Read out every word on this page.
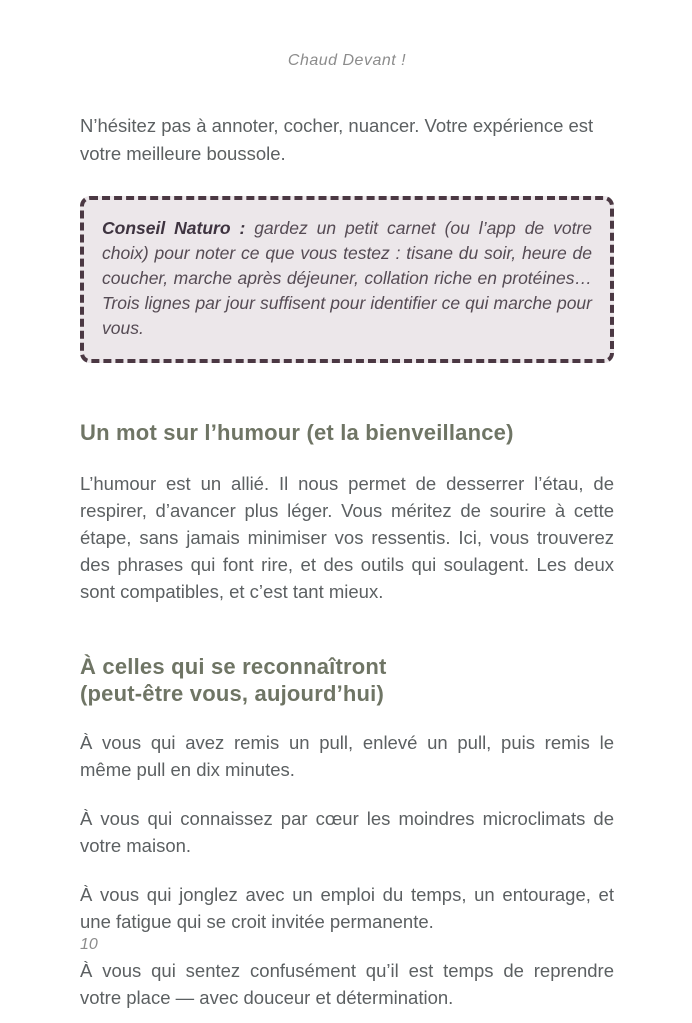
Chaud Devant !

N’hésitez pas à annoter, cocher, nuancer. Votre expérience est votre meilleure boussole.

Conseil Naturo : gardez un petit carnet (ou l’app de votre choix) pour noter ce que vous testez : tisane du soir, heure de coucher, marche après déjeuner, collation riche en protéines… Trois lignes par jour suffisent pour identifier ce qui marche pour vous.

Un mot sur l’humour (et la bienveillance)

L’humour est un allié. Il nous permet de desserrer l’étau, de respirer, d’avancer plus léger. Vous méritez de sourire à cette étape, sans jamais minimiser vos ressentis. Ici, vous trouverez des phrases qui font rire, et des outils qui soulagent. Les deux sont compatibles, et c’est tant mieux.

À celles qui se reconnaîtront
(peut-être vous, aujourd’hui)

À vous qui avez remis un pull, enlevé un pull, puis remis le même pull en dix minutes.

À vous qui connaissez par cœur les moindres microclimats de votre maison.

À vous qui jonglez avec un emploi du temps, un entourage, et une fatigue qui se croit invitée permanente.

À vous qui sentez confusément qu’il est temps de reprendre votre place — avec douceur et détermination.

10
